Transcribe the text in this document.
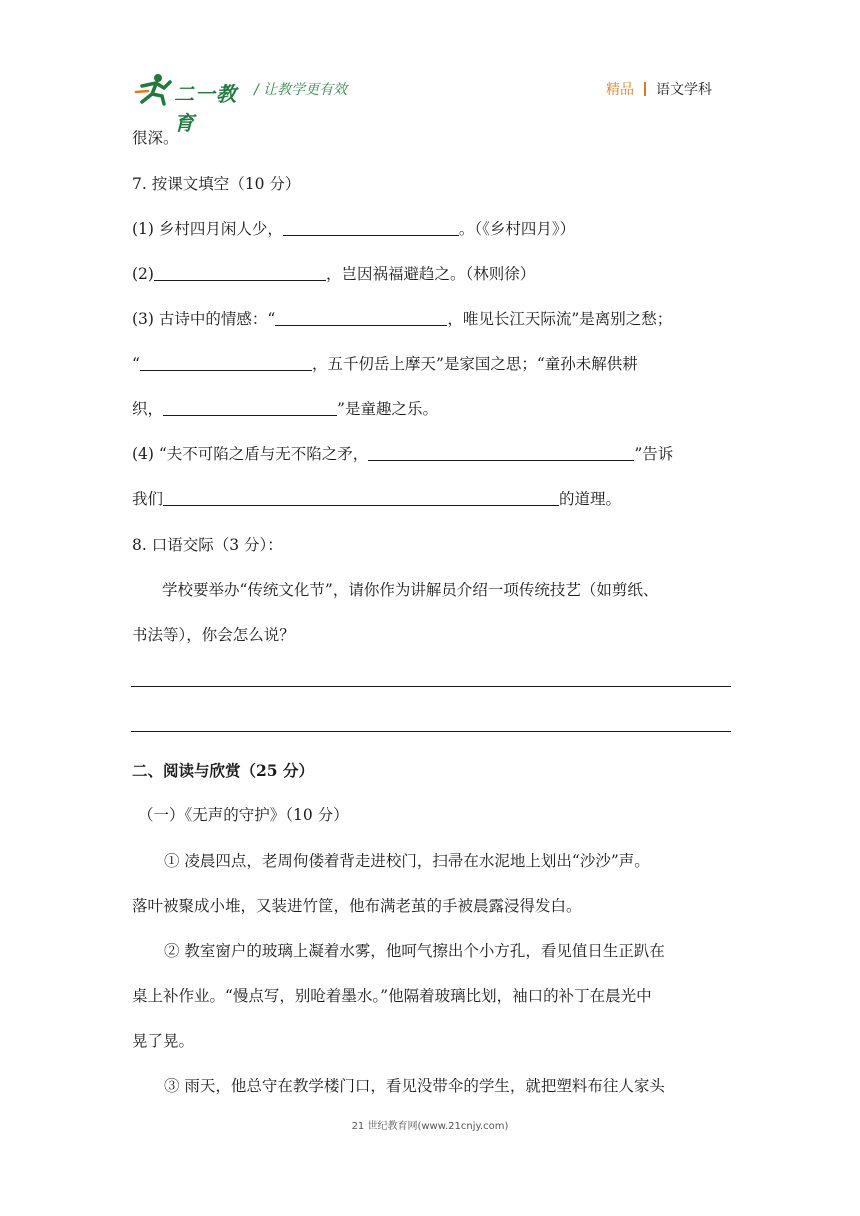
二一教育
/ 让教学更有效	精品 语文学科
很深。
7. 按课文填空（10 分）
(1) 乡村四月闲人少，	。（《乡村四月》）
(2)	，岂因祸福避趋之。（林则徐）
(3) 古诗中的情感：“	，唯见长江天际流”是离别之愁；
“	，五千仞岳上摩天”是家国之思；“童孙未解供耕
织，	”是童趣之乐。
(4) “夫不可陷之盾与无不陷之矛，	”告诉
我们	的道理。
8. 口语交际（3 分）：
学校要举办“传统文化节”，请你作为讲解员介绍一项传统技艺（如剪纸、
书法等），你会怎么说？
二、阅读与欣赏（25 分）
（一）《无声的守护》（10 分）
① 凌晨四点，老周佝偻着背走进校门，扫帚在水泥地上划出“沙沙”声。
落叶被聚成小堆，又装进竹筐，他布满老茧的手被晨露浸得发白。
② 教室窗户的玻璃上凝着水雾，他呵气擦出个小方孔，看见值日生正趴在
桌上补作业。“慢点写，别呛着墨水。”他隔着玻璃比划，袖口的补丁在晨光中
晃了晃。
③ 雨天，他总守在教学楼门口，看见没带伞的学生，就把塑料布往人家头
21 世纪教育网(www.21cnjy.com)
